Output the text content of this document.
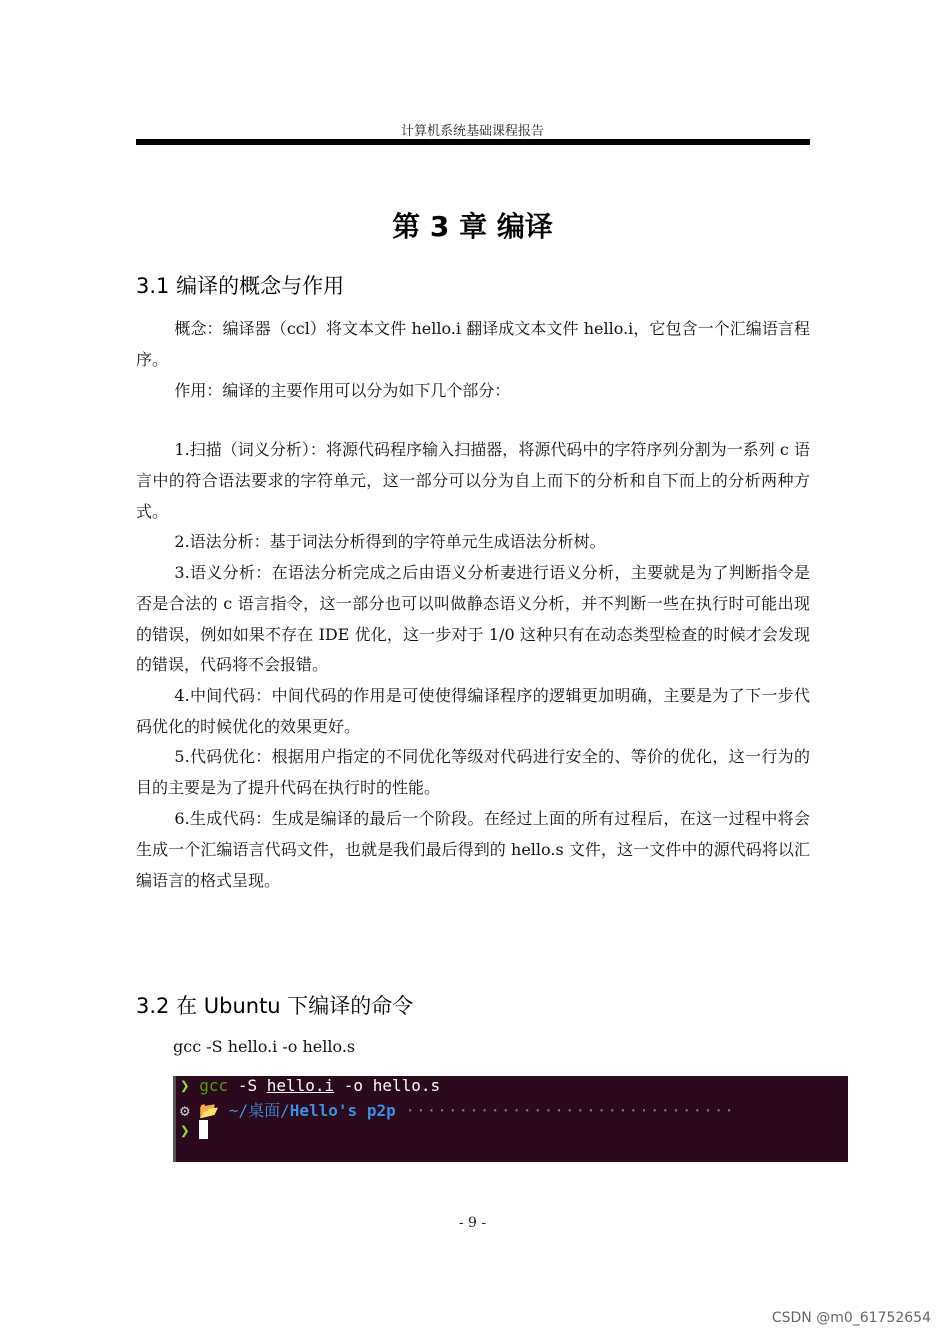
计算机系统基础课程报告
第 3 章 编译
3.1 编译的概念与作用

概念：编译器（ccl）将文本文件 hello.i 翻译成文本文件 hello.i，它包含一个汇编语言程序。

作用：编译的主要作用可以分为如下几个部分：

1.扫描（词义分析）：将源代码程序输入扫描器，将源代码中的字符序列分割为一系列 c 语言中的符合语法要求的字符单元，这一部分可以分为自上而下的分析和自下而上的分析两种方式。

2.语法分析：基于词法分析得到的字符单元生成语法分析树。

3.语义分析：在语法分析完成之后由语义分析妻进行语义分析，主要就是为了判断指令是否是合法的 c 语言指令，这一部分也可以叫做静态语义分析，并不判断一些在执行时可能出现的错误，例如如果不存在 IDE 优化，这一步对于 1/0 这种只有在动态类型检查的时候才会发现的错误，代码将不会报错。

4.中间代码：中间代码的作用是可使使得编译程序的逻辑更加明确，主要是为了下一步代码优化的时候优化的效果更好。

5.代码优化：根据用户指定的不同优化等级对代码进行安全的、等价的优化，这一行为的目的主要是为了提升代码在执行时的性能。

6.生成代码：生成是编译的最后一个阶段。在经过上面的所有过程后，在这一过程中将会生成一个汇编语言代码文件，也就是我们最后得到的 hello.s 文件，这一文件中的源代码将以汇编语言的格式呈现。

3.2 在 Ubuntu 下编译的命令
gcc -S hello.i -o hello.s
❯ gcc -S hello.i -o hello.s
⚙ 📂 ~/桌面/Hello's p2p ·······························
❯
- 9 -
CSDN @m0_61752654
